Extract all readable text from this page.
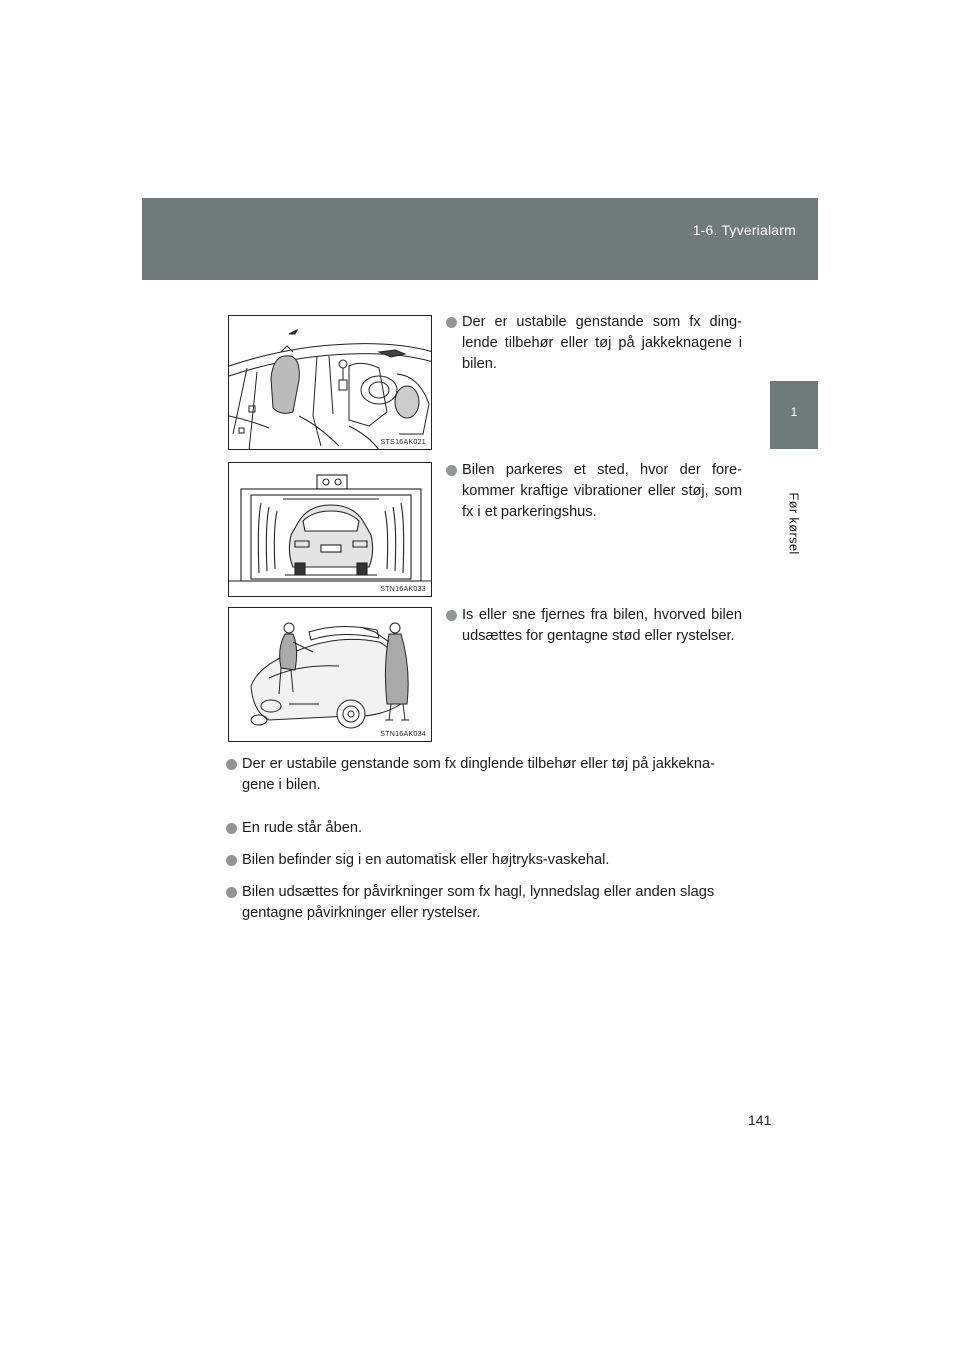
1-6. Tyverialarm
1
Før kørsel
STS16AK021
STN16AK033
STN16AK034
Der er ustabile genstande som fx ding-lende tilbehør eller tøj på jakkeknagene i bilen.
Bilen parkeres et sted, hvor der fore-kommer kraftige vibrationer eller støj, som fx i et parkeringshus.
Is eller sne fjernes fra bilen, hvorved bilen udsættes for gentagne stød eller rystelser.
Der er ustabile genstande som fx dinglende tilbehør eller tøj på jakkekna-gene i bilen.
En rude står åben.
Bilen befinder sig i en automatisk eller højtryks-vaskehal.
Bilen udsættes for påvirkninger som fx hagl, lynnedslag eller anden slags gentagne påvirkninger eller rystelser.
141
